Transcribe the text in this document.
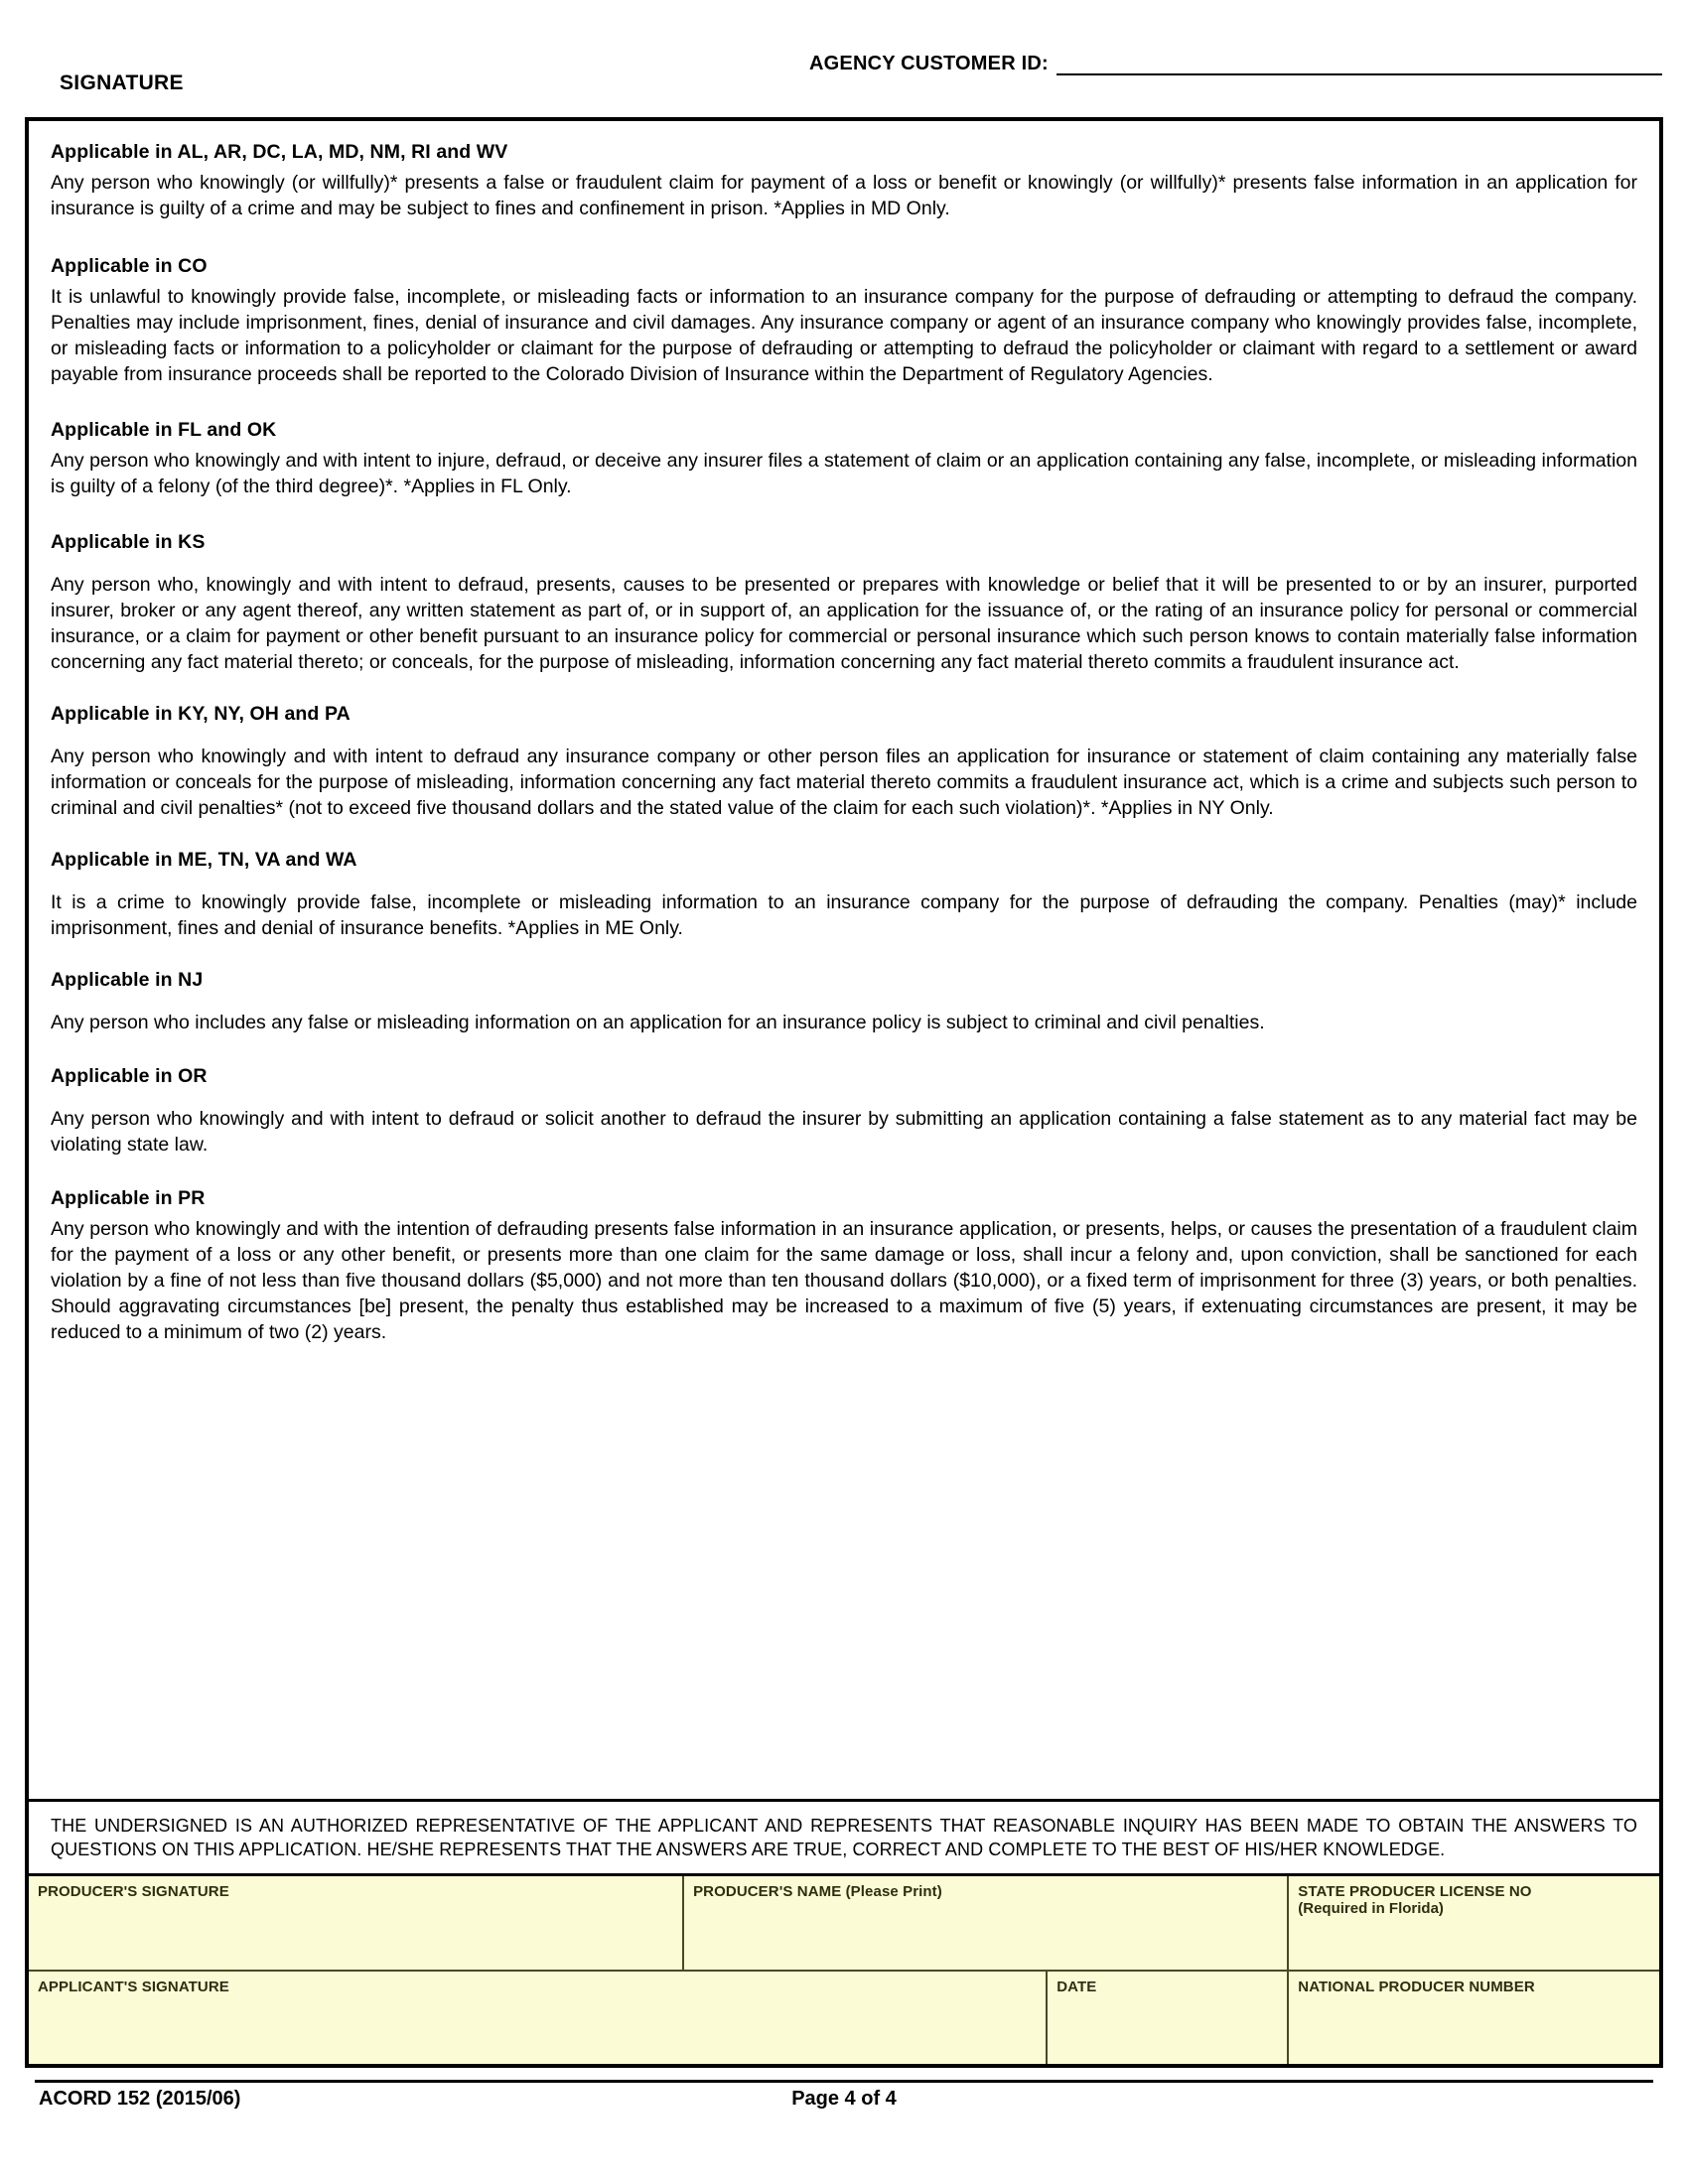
SIGNATURE
AGENCY CUSTOMER ID:
Applicable in AL, AR, DC, LA, MD, NM, RI and WV
Any person who knowingly (or willfully)* presents a false or fraudulent claim for payment of a loss or benefit or knowingly (or willfully)* presents false information in an application for insurance is guilty of a crime and may be subject to fines and confinement in prison. *Applies in MD Only.
Applicable in CO
It is unlawful to knowingly provide false, incomplete, or misleading facts or information to an insurance company for the purpose of defrauding or attempting to defraud the company. Penalties may include imprisonment, fines, denial of insurance and civil damages. Any insurance company or agent of an insurance company who knowingly provides false, incomplete, or misleading facts or information to a policyholder or claimant for the purpose of defrauding or attempting to defraud the policyholder or claimant with regard to a settlement or award payable from insurance proceeds shall be reported to the Colorado Division of Insurance within the Department of Regulatory Agencies.
Applicable in FL and OK
Any person who knowingly and with intent to injure, defraud, or deceive any insurer files a statement of claim or an application containing any false, incomplete, or misleading information is guilty of a felony (of the third degree)*. *Applies in FL Only.
Applicable in KS
Any person who, knowingly and with intent to defraud, presents, causes to be presented or prepares with knowledge or belief that it will be presented to or by an insurer, purported insurer, broker or any agent thereof, any written statement as part of, or in support of, an application for the issuance of, or the rating of an insurance policy for personal or commercial insurance, or a claim for payment or other benefit pursuant to an insurance policy for commercial or personal insurance which such person knows to contain materially false information concerning any fact material thereto; or conceals, for the purpose of misleading, information concerning any fact material thereto commits a fraudulent insurance act.
Applicable in KY, NY, OH and PA
Any person who knowingly and with intent to defraud any insurance company or other person files an application for insurance or statement of claim containing any materially false information or conceals for the purpose of misleading, information concerning any fact material thereto commits a fraudulent insurance act, which is a crime and subjects such person to criminal and civil penalties* (not to exceed five thousand dollars and the stated value of the claim for each such violation)*. *Applies in NY Only.
Applicable in ME, TN, VA and WA
It is a crime to knowingly provide false, incomplete or misleading information to an insurance company for the purpose of defrauding the company. Penalties (may)* include imprisonment, fines and denial of insurance benefits. *Applies in ME Only.
Applicable in NJ
Any person who includes any false or misleading information on an application for an insurance policy is subject to criminal and civil penalties.
Applicable in OR
Any person who knowingly and with intent to defraud or solicit another to defraud the insurer by submitting an application containing a false statement as to any material fact may be violating state law.
Applicable in PR
Any person who knowingly and with the intention of defrauding presents false information in an insurance application, or presents, helps, or causes the presentation of a fraudulent claim for the payment of a loss or any other benefit, or presents more than one claim for the same damage or loss, shall incur a felony and, upon conviction, shall be sanctioned for each violation by a fine of not less than five thousand dollars ($5,000) and not more than ten thousand dollars ($10,000), or a fixed term of imprisonment for three (3) years, or both penalties. Should aggravating circumstances [be] present, the penalty thus established may be increased to a maximum of five (5) years, if extenuating circumstances are present, it may be reduced to a minimum of two (2) years.
THE UNDERSIGNED IS AN AUTHORIZED REPRESENTATIVE OF THE APPLICANT AND REPRESENTS THAT REASONABLE INQUIRY HAS BEEN MADE TO OBTAIN THE ANSWERS TO QUESTIONS ON THIS APPLICATION. HE/SHE REPRESENTS THAT THE ANSWERS ARE TRUE, CORRECT AND COMPLETE TO THE BEST OF HIS/HER KNOWLEDGE.
PRODUCER'S SIGNATURE	PRODUCER'S NAME (Please Print)	STATE PRODUCER LICENSE NO
(Required in Florida)
APPLICANT'S SIGNATURE	DATE	NATIONAL PRODUCER NUMBER
ACORD 152 (2015/06)	Page 4 of 4
